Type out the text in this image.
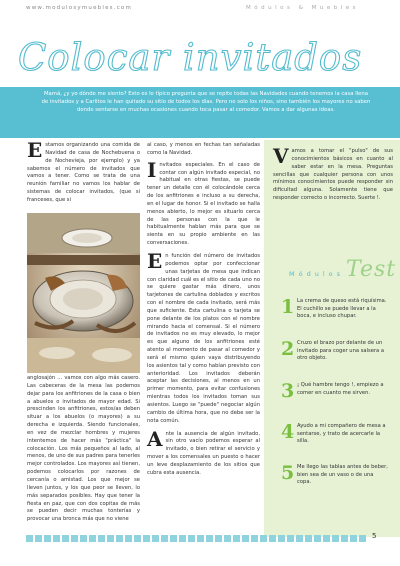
www.modulosymuebles.com	Módulos & Muebles
Colocar invitados

Mamá, ¿y yo dónde me siento? Esto es lo típico pregunta que se repite todas las Navidades cuando tenemos la casa llena de invitados y a Carlitos le han quitado su sitio de todos los días. Pero no solo los niños, sino también los mayores no saben donde sentarse en muchas ocasiones cuando toca pasar al comedor. Vamos a dar algunas ideas.

Estamos organizando una comida de Navidad de casa de Nochebuena o de Nochevieja, por ejemplo) y ya sabemos el número de invitados que vamos a tener. Como se trata de una reunión familiar no vamos los hablar de sistemas de colocar invitados, (que si franceses, que si

anglosajón ... vamos con algo más casero. Las cabeceras de la mesa las podemos dejar para los anfitriones de la casa o bien a abuelos o invitados de mayor edad. Si prescinden los anfitriones, estos/as deben situar a los abuelos (o mayores) a su derecha e izquierda. Siendo funcionales, en vez de mezclar hombres y mujeres intentemos de hacer más "práctica" la colocación. Los más pequeños al lado, al menos, de uno de sus padres para tenerles mejor controlados. Los mayores así tienen, podemos colocarlos por razones de cercanía o amistad. Los que mejor se lleven juntos, y los que peor se lleven, lo más separados posibles. Hay que tener la fiesta en paz, que con dos copitas de más se pueden decir muchas tonterías y provocar una bronca más que no viene

al caso, y menos en fechas tan señaladas como la Navidad.

Invitados especiales. En el caso de contar con algún invitado especial, no habitual en otras fiestas, se puede tener un detalle con él colocándole cerca de los anfitriones e incluso a su derecha, en el lugar de honor. Si el invitado se halla menos abierto, lo mejor es situarlo cerca de las personas con la que le habitualmente hablan más para que se sienta en su propio ambiente en las conversaciones.

En función del número de invitados podemos optar por confeccionar unas tarjetas de mesa que indican con claridad cuál es el sitio de cada uno no se quiere gastar más dinero, unos tarjetones de cartulina doblados y escritos con el nombre de cada invitado, será más que suficiente. Esta cartulina o tarjeta se pone delante de los platos con el nombre mirando hacia el comensal. Si el número de invitados no es muy elevado, lo mejor es que alguno de los anfitriones esté atento al momento de pasar al comedor y será el mismo quien vaya distribuyendo los asientos tal y como habían previsto con anterioridad. Los invitados deberán aceptar las decisiones, al menos en un primer momento, para evitar confusiones mientras todos los invitados toman sus asientos. Luego se "puede" negociar algún cambio de última hora, que no debe ser la nota común.

Ante la ausencia de algún invitado, sin otro vacío podemos esperar al invitado, o bien retirar el servicio y mover a los comensales un puesto o hacer un leve desplazamiento de los sitios que cubra esta ausencia.

Vamos a tomar el "pulso" de sus conocimientos básicos en cuanto al saber estar en la mesa. Preguntas sencillas que cualquier persona con unos mínimos conocimientos puede responder sin dificultad alguna. Solamente tiene que responder correcto o incorrecto. Suerte !.

Módulos Test
1 La crema de queso está riquísima. El cuchillo se puede llevar a la boca, e incluso chupar.

2 Cruzo el brazo por delante de un invitado para coger una salsera a otro objeto.

3 ¡ Qué hambre tengo !, empiezo a comer en cuanto me sirven.

4 Ayudo a mi compañero de mesa a sentarse, y trato de acercarle la silla.

5 Me llego las tablas antes de beber, bien sea de un vaso o de una copa.

5
